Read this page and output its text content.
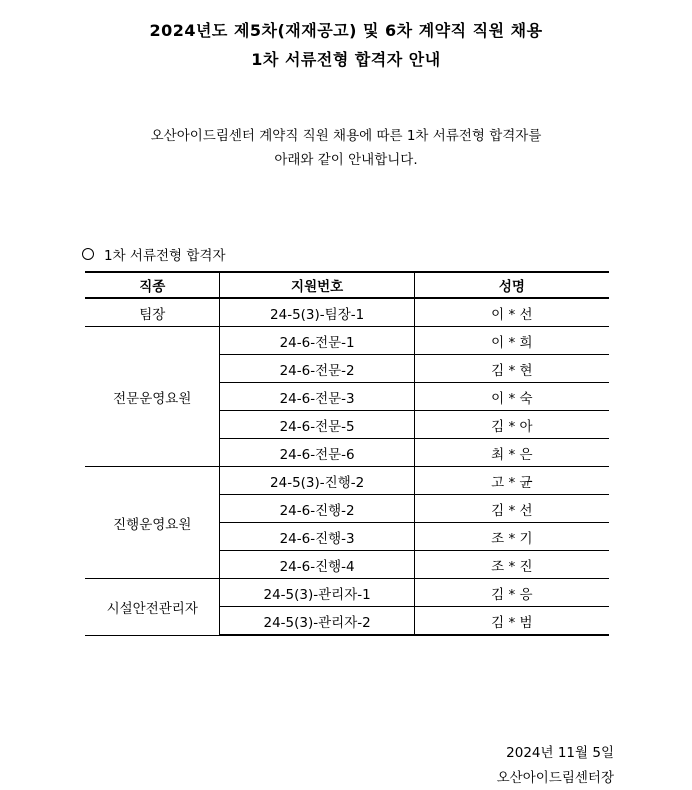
2024년도 제5차(재재공고) 및 6차 계약직 직원 채용
1차 서류전형 합격자 안내
오산아이드림센터 계약직 직원 채용에 따른 1차 서류전형 합격자를
아래와 같이 안내합니다.
1차 서류전형 합격자
직종	지원번호	성명
팀장	24-5(3)-팀장-1	이 * 선
전문운영요원	24-6-전문-1	이 * 희
	24-6-전문-2	김 * 현
	24-6-전문-3	이 * 숙
	24-6-전문-5	김 * 아
	24-6-전문-6	최 * 은
진행운영요원	24-5(3)-진행-2	고 * 균
	24-6-진행-2	김 * 선
	24-6-진행-3	조 * 기
	24-6-진행-4	조 * 진
시설안전관리자	24-5(3)-관리자-1	김 * 응
	24-5(3)-관리자-2	김 * 범
2024년 11월 5일
오산아이드림센터장
